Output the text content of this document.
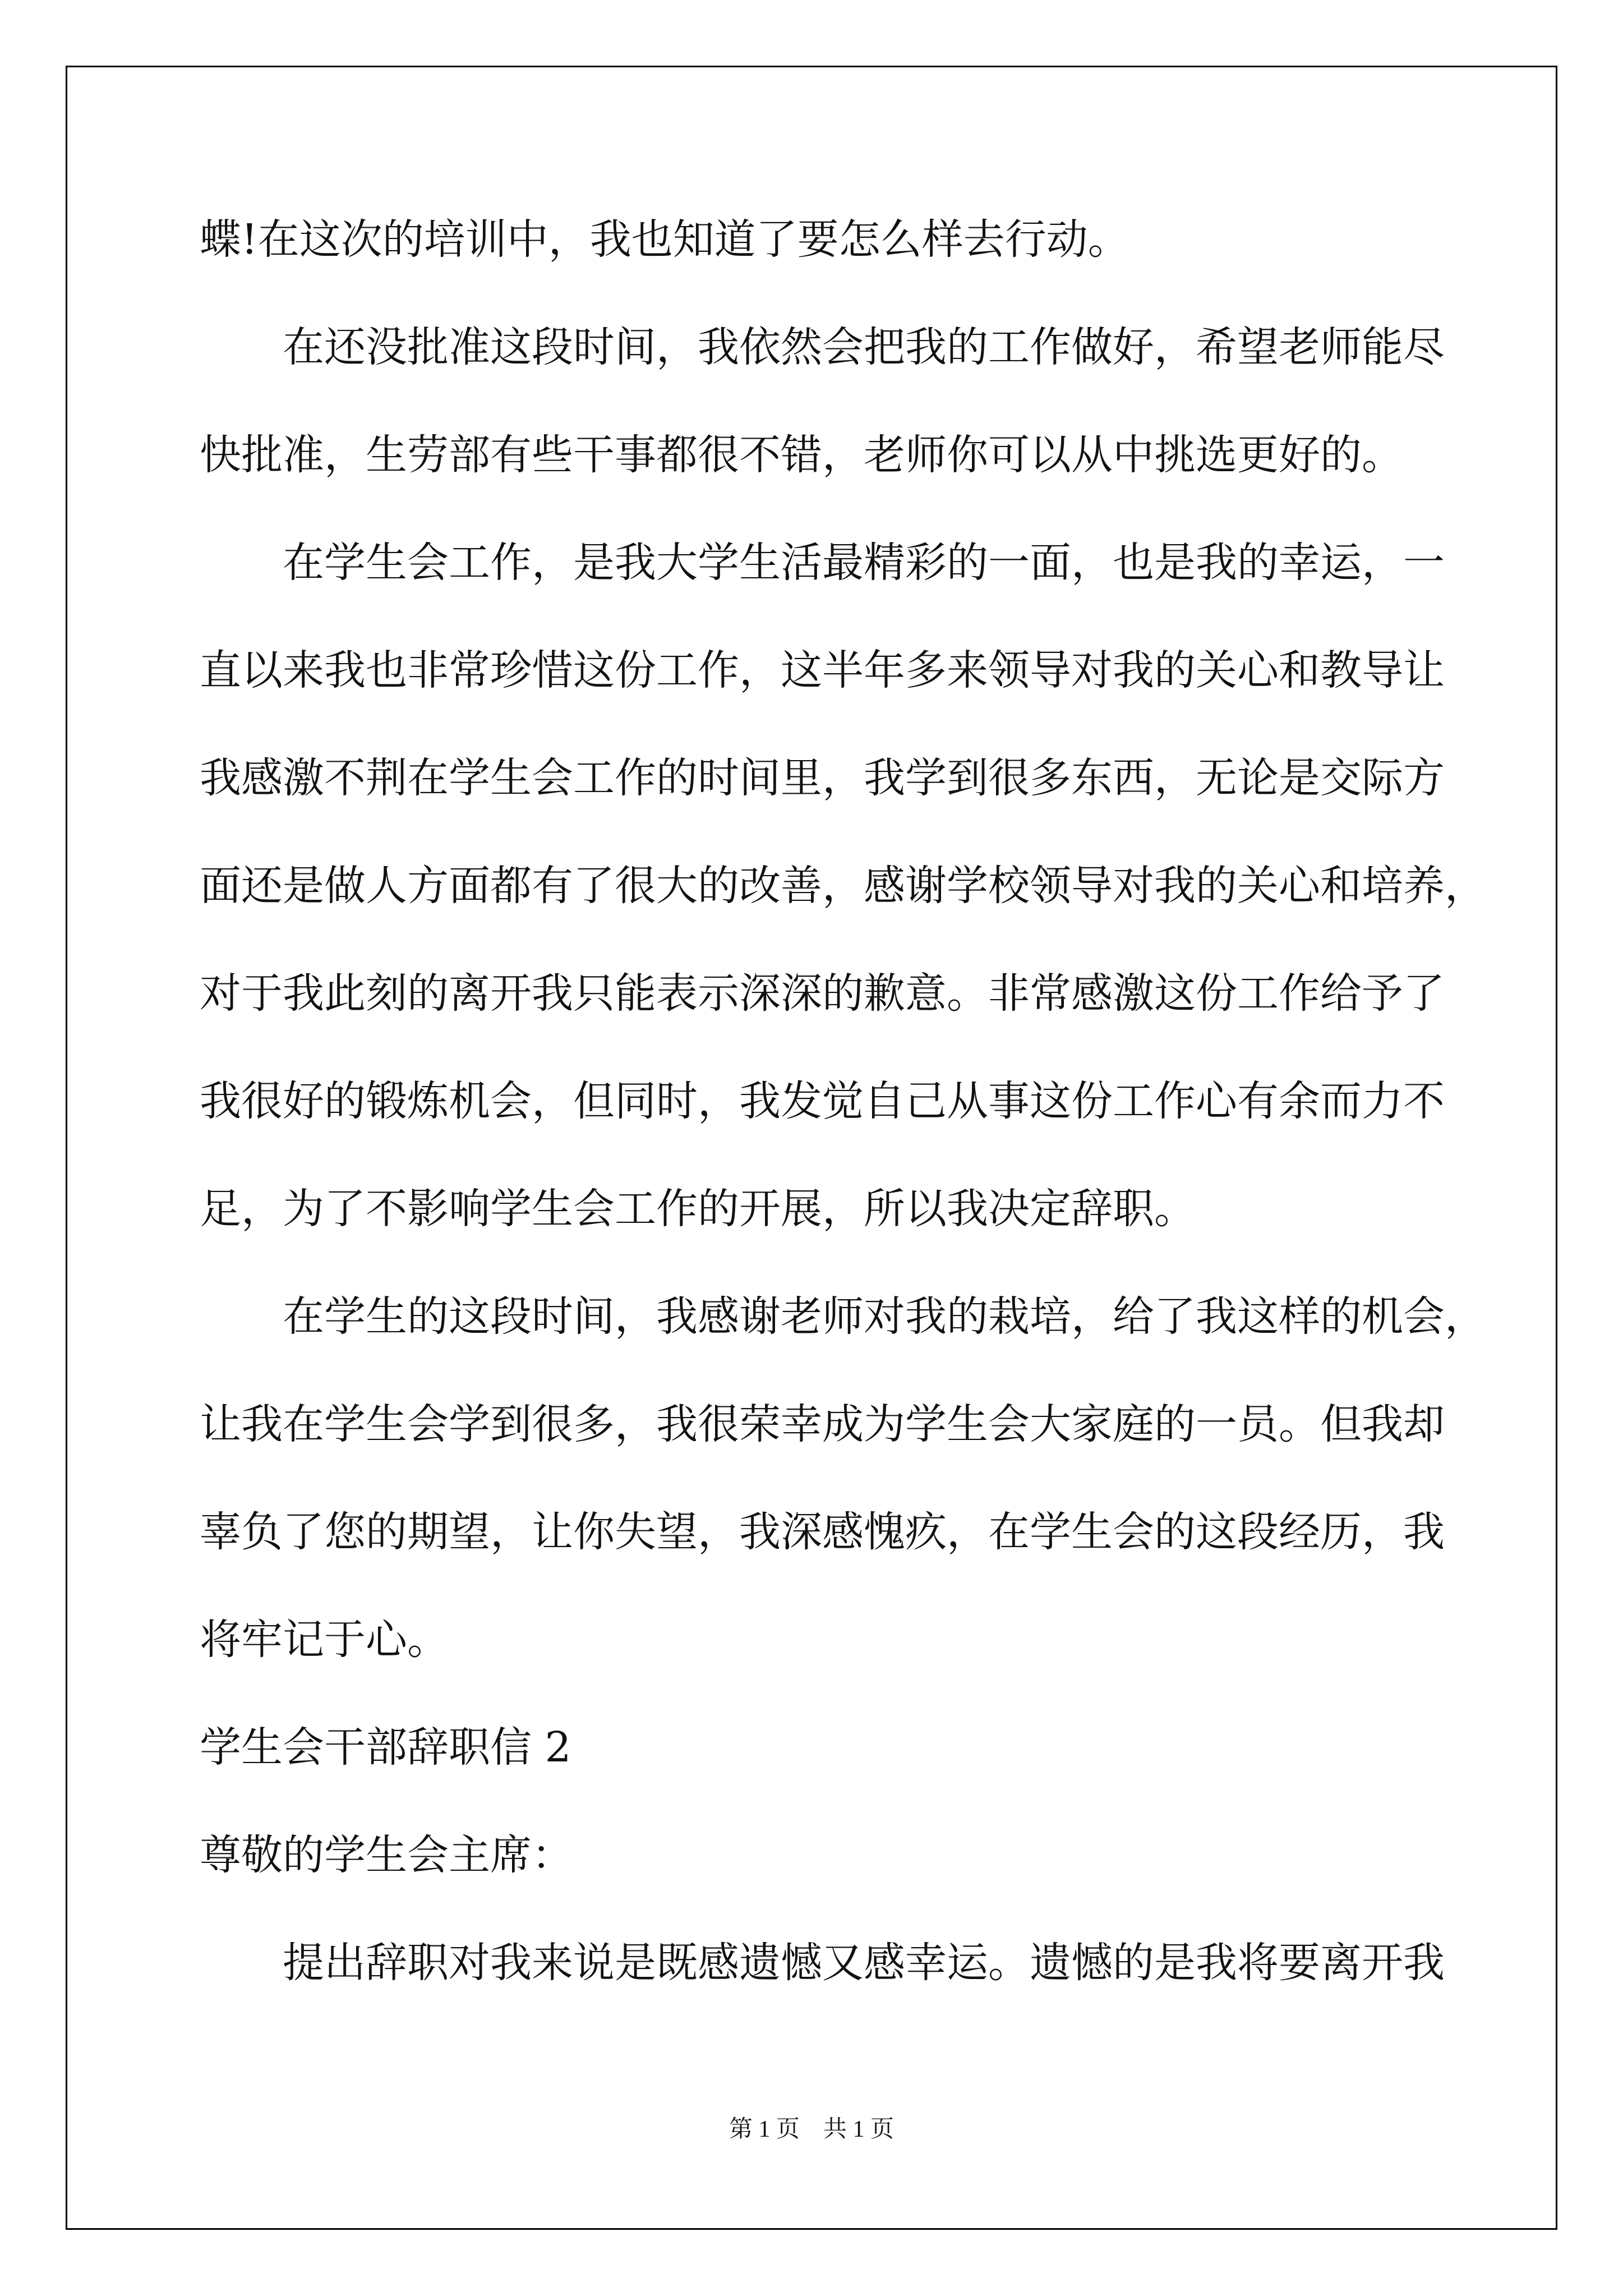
蝶!在这次的培训中，我也知道了要怎么样去行动。
在还没批准这段时间，我依然会把我的工作做好，希望老师能尽
快批准，生劳部有些干事都很不错，老师你可以从中挑选更好的。
在学生会工作，是我大学生活最精彩的一面，也是我的幸运，一
直以来我也非常珍惜这份工作，这半年多来领导对我的关心和教导让
我感激不荆在学生会工作的时间里，我学到很多东西，无论是交际方
面还是做人方面都有了很大的改善，感谢学校领导对我的关心和培养，
对于我此刻的离开我只能表示深深的歉意。非常感激这份工作给予了
我很好的锻炼机会，但同时，我发觉自己从事这份工作心有余而力不
足，为了不影响学生会工作的开展，所以我决定辞职。
在学生的这段时间，我感谢老师对我的栽培，给了我这样的机会，
让我在学生会学到很多，我很荣幸成为学生会大家庭的一员。但我却
辜负了您的期望，让你失望，我深感愧疚，在学生会的这段经历，我
将牢记于心。
学生会干部辞职信 2
尊敬的学生会主席：
提出辞职对我来说是既感遗憾又感幸运。遗憾的是我将要离开我
第 1 页    共 1 页
